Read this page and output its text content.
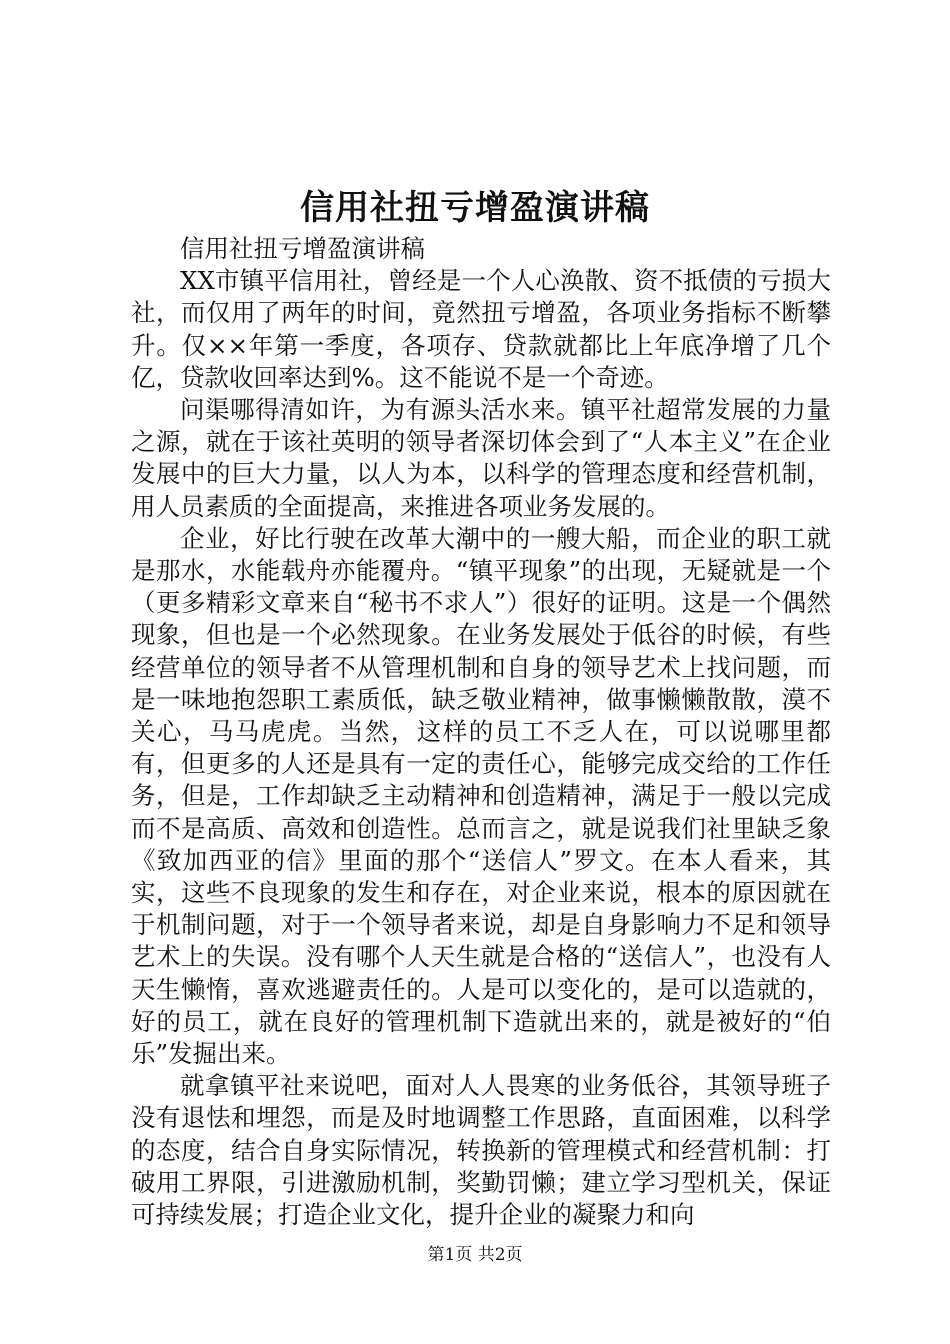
信用社扭亏增盈演讲稿

信用社扭亏增盈演讲稿

XX市镇平信用社，曾经是一个人心涣散、资不抵债的亏损大社，而仅用了两年的时间，竟然扭亏增盈，各项业务指标不断攀升。仅××年第一季度，各项存、贷款就都比上年底净增了几个亿，贷款收回率达到%。这不能说不是一个奇迹。

问渠哪得清如许，为有源头活水来。镇平社超常发展的力量之源，就在于该社英明的领导者深切体会到了“人本主义”在企业发展中的巨大力量，以人为本，以科学的管理态度和经营机制，用人员素质的全面提高，来推进各项业务发展的。

企业，好比行驶在改革大潮中的一艘大船，而企业的职工就是那水，水能载舟亦能覆舟。“镇平现象”的出现，无疑就是一个（更多精彩文章来自“秘书不求人”）很好的证明。这是一个偶然现象，但也是一个必然现象。在业务发展处于低谷的时候，有些经营单位的领导者不从管理机制和自身的领导艺术上找问题，而是一味地抱怨职工素质低，缺乏敬业精神，做事懒懒散散，漠不关心，马马虎虎。当然，这样的员工不乏人在，可以说哪里都有，但更多的人还是具有一定的责任心，能够完成交给的工作任务，但是，工作却缺乏主动精神和创造精神，满足于一般以完成而不是高质、高效和创造性。总而言之，就是说我们社里缺乏象《致加西亚的信》里面的那个“送信人”罗文。在本人看来，其实，这些不良现象的发生和存在，对企业来说，根本的原因就在于机制问题，对于一个领导者来说，却是自身影响力不足和领导艺术上的失误。没有哪个人天生就是合格的“送信人”，也没有人天生懒惰，喜欢逃避责任的。人是可以变化的，是可以造就的，好的员工，就在良好的管理机制下造就出来的，就是被好的“伯乐”发掘出来。

就拿镇平社来说吧，面对人人畏寒的业务低谷，其领导班子没有退怯和埋怨，而是及时地调整工作思路，直面困难，以科学的态度，结合自身实际情况，转换新的管理模式和经营机制：打破用工界限，引进激励机制，奖勤罚懒；建立学习型机关，保证可持续发展；打造企业文化，提升企业的凝聚力和向

第1页 共2页
